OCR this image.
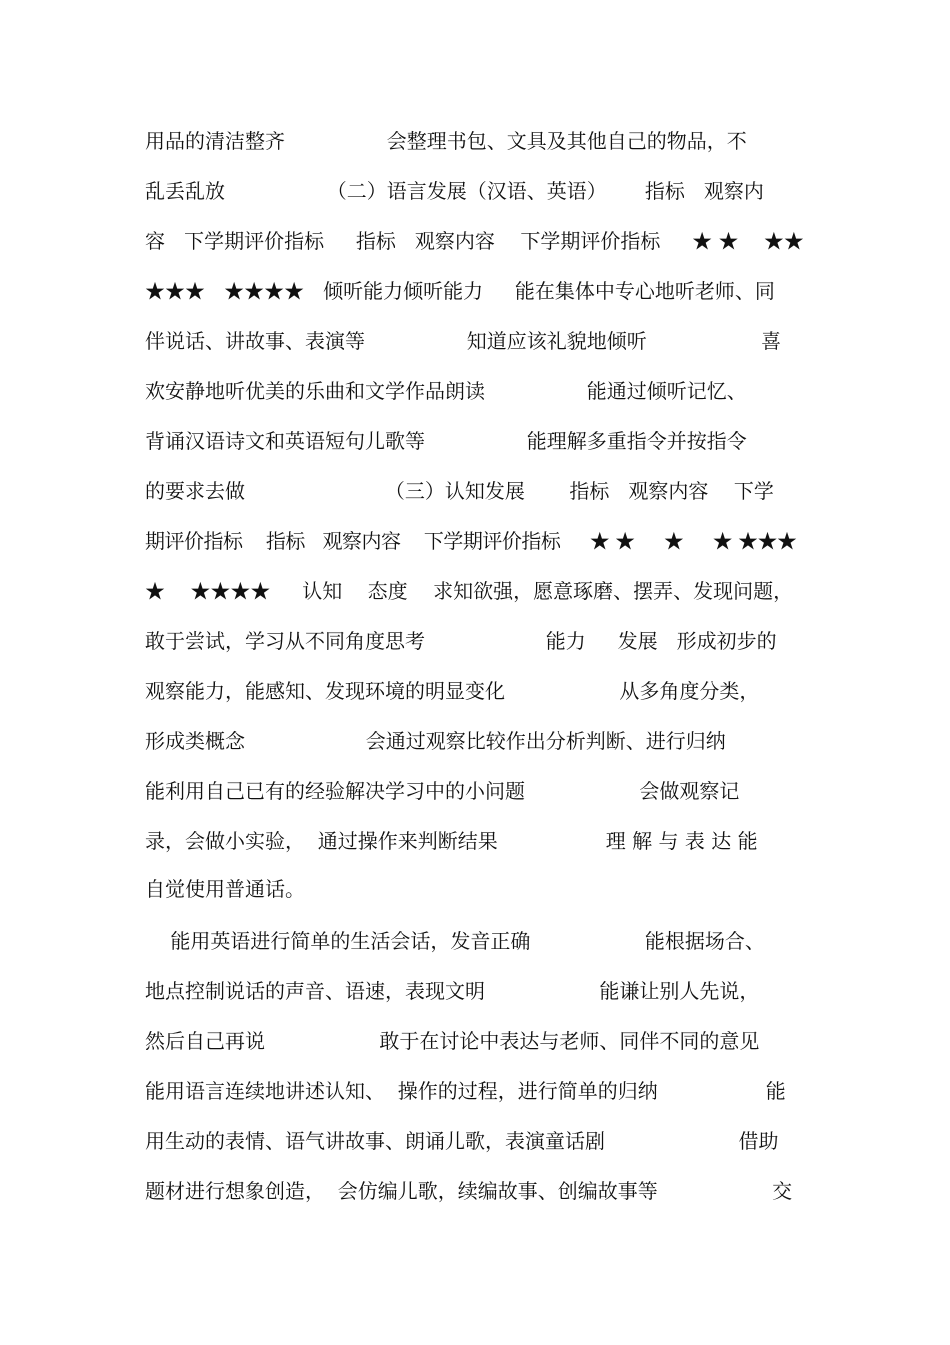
用品的清洁整齐                会整理书包、文具及其他自己的物品，不
乱丢乱放                （二）语言发展（汉语、英语）      指标   观察内
容   下学期评价指标     指标   观察内容    下学期评价指标     ★ ★    ★★
★★★   ★★★★   倾听能力倾听能力     能在集体中专心地听老师、同
伴说话、讲故事、表演等                知道应该礼貌地倾听                  喜
欢安静地听优美的乐曲和文学作品朗读                能通过倾听记忆、
背诵汉语诗文和英语短句儿歌等                能理解多重指令并按指令
的要求去做                      （三）认知发展       指标   观察内容    下学
期评价指标    指标   观察内容    下学期评价指标     ★ ★     ★     ★ ★★★
★    ★★★★     认知    态度    求知欲强，愿意琢磨、摆弄、发现问题，
敢于尝试，学习从不同角度思考                   能力     发展   形成初步的
观察能力，能感知、发现环境的明显变化                  从多角度分类，
形成类概念                   会通过观察比较作出分析判断、进行归纳
能利用自己已有的经验解决学习中的小问题                  会做观察记
录，会做小实验，  通过操作来判断结果                 理 解 与 表 达 能
自觉使用普通话。
能用英语进行简单的生活会话，发音正确                  能根据场合、
地点控制说话的声音、语速，表现文明                  能谦让别人先说，
然后自己再说                  敢于在讨论中表达与老师、同伴不同的意见
能用语言连续地讲述认知、  操作的过程，进行简单的归纳                 能
用生动的表情、语气讲故事、朗诵儿歌，表演童话剧                     借助
题材进行想象创造，  会仿编儿歌，续编故事、创编故事等                  交
